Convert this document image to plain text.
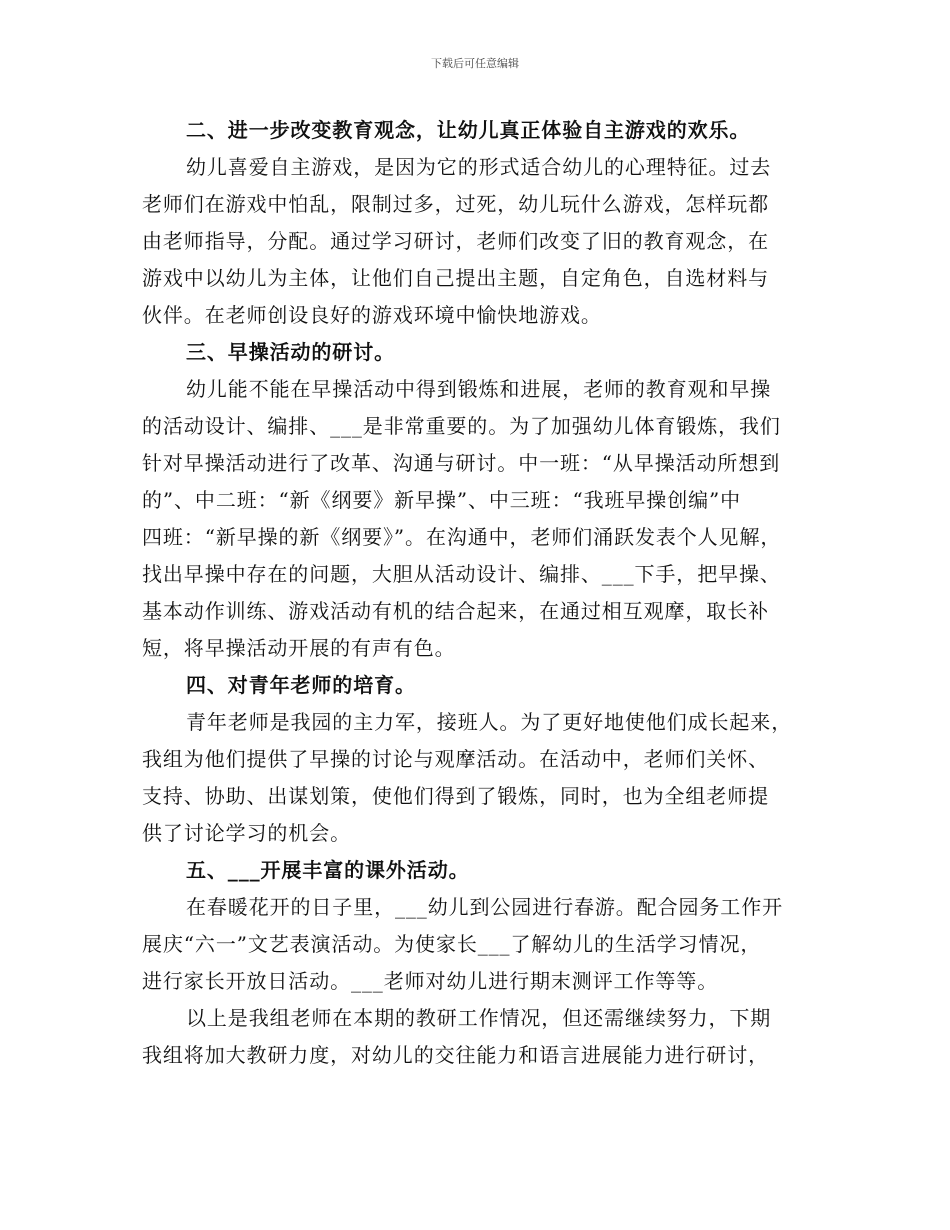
下载后可任意编辑
二、进一步改变教育观念，让幼儿真正体验自主游戏的欢乐。
幼儿喜爱自主游戏，是因为它的形式适合幼儿的心理特征。过去
老师们在游戏中怕乱，限制过多，过死，幼儿玩什么游戏，怎样玩都
由老师指导，分配。通过学习研讨，老师们改变了旧的教育观念，在
游戏中以幼儿为主体，让他们自己提出主题，自定角色，自选材料与
伙伴。在老师创设良好的游戏环境中愉快地游戏。
三、早操活动的研讨。
幼儿能不能在早操活动中得到锻炼和进展，老师的教育观和早操
的活动设计、编排、___是非常重要的。为了加强幼儿体育锻炼，我们
针对早操活动进行了改革、沟通与研讨。中一班：“从早操活动所想到
的”、中二班：“新《纲要》新早操”、中三班：“我班早操创编”中
四班：“新早操的新《纲要》”。在沟通中，老师们涌跃发表个人见解，
找出早操中存在的问题，大胆从活动设计、编排、___下手，把早操、
基本动作训练、游戏活动有机的结合起来，在通过相互观摩，取长补
短，将早操活动开展的有声有色。
四、对青年老师的培育。
青年老师是我园的主力军，接班人。为了更好地使他们成长起来，
我组为他们提供了早操的讨论与观摩活动。在活动中，老师们关怀、
支持、协助、出谋划策，使他们得到了锻炼，同时，也为全组老师提
供了讨论学习的机会。
五、___开展丰富的课外活动。
在春暖花开的日子里，___幼儿到公园进行春游。配合园务工作开
展庆“六一”文艺表演活动。为使家长___了解幼儿的生活学习情况，
进行家长开放日活动。___老师对幼儿进行期末测评工作等等。
以上是我组老师在本期的教研工作情况，但还需继续努力，下期
我组将加大教研力度，对幼儿的交往能力和语言进展能力进行研讨，
